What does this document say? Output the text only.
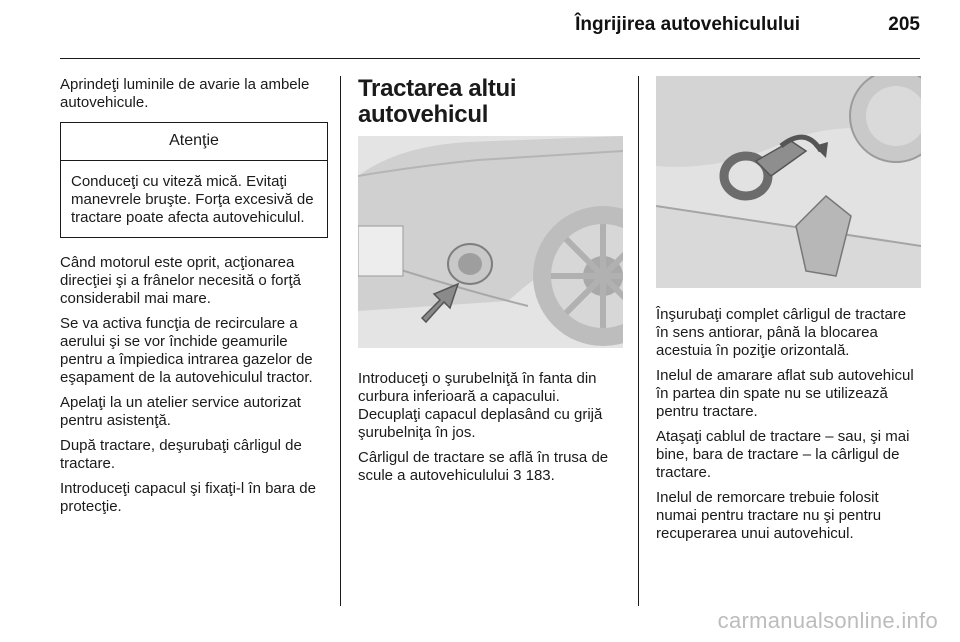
Îngrijirea autovehiculului	205

Aprindeţi luminile de avarie la ambele autovehicule.

Atenţie
Conduceţi cu viteză mică. Evitaţi manevrele bruşte. Forţa excesivă de tractare poate afecta autovehiculul.

Când motorul este oprit, acţionarea direcţiei şi a frânelor necesită o forţă considerabil mai mare.

Se va activa funcţia de recirculare a aerului şi se vor închide geamurile pentru a împiedica intrarea gazelor de eşapament de la autovehiculul tractor.

Apelaţi la un atelier service autorizat pentru asistenţă.

După tractare, deşurubaţi cârligul de tractare.

Introduceţi capacul şi fixaţi-l în bara de protecţie.

Tractarea altui autovehicul

Introduceţi o şurubelniţă în fanta din curbura inferioară a capacului. Decuplaţi capacul deplasând cu grijă şurubelniţa în jos.

Cârligul de tractare se află în trusa de scule a autovehiculului 3 183.

Înşurubaţi complet cârligul de tractare în sens antiorar, până la blocarea acestuia în poziţie orizontală.

Inelul de amarare aflat sub autovehicul în partea din spate nu se utilizează pentru tractare.

Ataşaţi cablul de tractare – sau, şi mai bine, bara de tractare – la cârligul de tractare.

Inelul de remorcare trebuie folosit numai pentru tractare nu şi pentru recuperarea unui autovehicul.

carmanualsonline.info
